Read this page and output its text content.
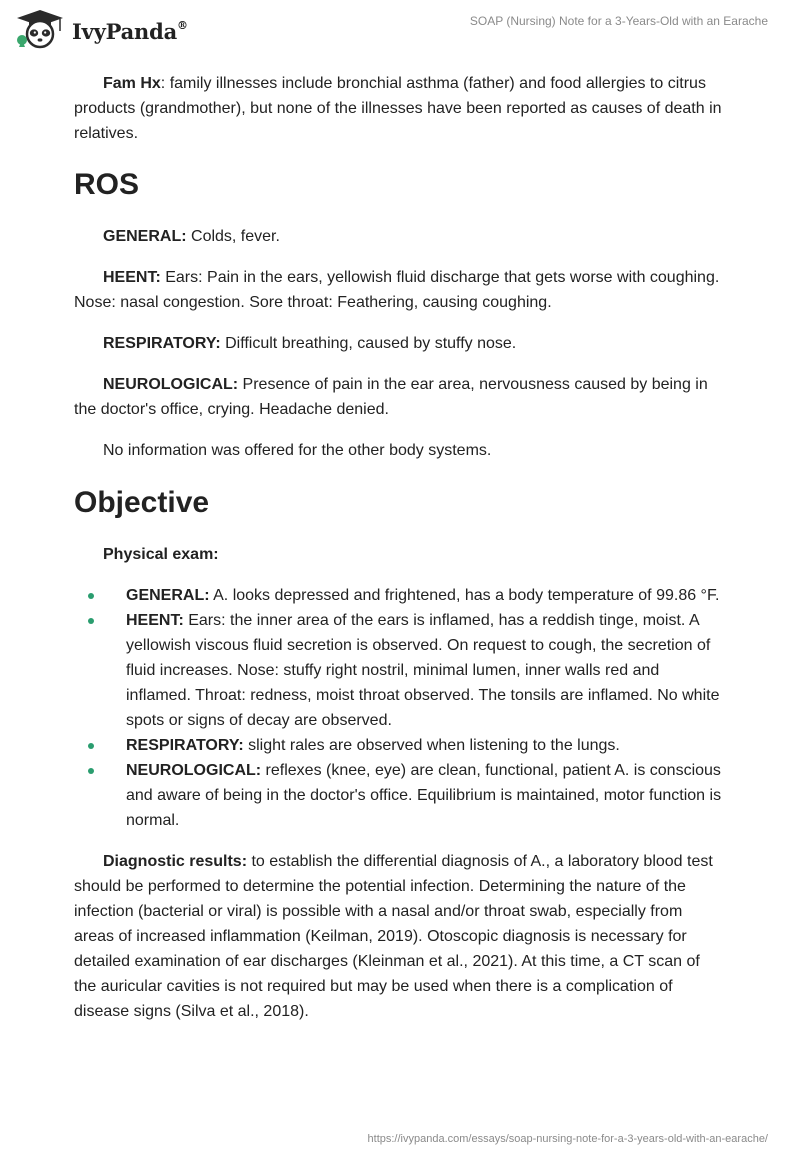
IvyPanda®	SOAP (Nursing) Note for a 3-Years-Old with an Earache

Fam Hx: family illnesses include bronchial asthma (father) and food allergies to citrus products (grandmother), but none of the illnesses have been reported as causes of death in relatives.

ROS

GENERAL: Colds, fever.

HEENT: Ears: Pain in the ears, yellowish fluid discharge that gets worse with coughing. Nose: nasal congestion. Sore throat: Feathering, causing coughing.

RESPIRATORY: Difficult breathing, caused by stuffy nose.

NEUROLOGICAL: Presence of pain in the ear area, nervousness caused by being in the doctor's office, crying. Headache denied.

No information was offered for the other body systems.

Objective

Physical exam:

GENERAL: A. looks depressed and frightened, has a body temperature of 99.86 °F.
HEENT: Ears: the inner area of the ears is inflamed, has a reddish tinge, moist. A yellowish viscous fluid secretion is observed. On request to cough, the secretion of fluid increases. Nose: stuffy right nostril, minimal lumen, inner walls red and inflamed. Throat: redness, moist throat observed. The tonsils are inflamed. No white spots or signs of decay are observed.
RESPIRATORY: slight rales are observed when listening to the lungs.
NEUROLOGICAL: reflexes (knee, eye) are clean, functional, patient A. is conscious and aware of being in the doctor's office. Equilibrium is maintained, motor function is normal.

Diagnostic results: to establish the differential diagnosis of A., a laboratory blood test should be performed to determine the potential infection. Determining the nature of the infection (bacterial or viral) is possible with a nasal and/or throat swab, especially from areas of increased inflammation (Keilman, 2019). Otoscopic diagnosis is necessary for detailed examination of ear discharges (Kleinman et al., 2021). At this time, a CT scan of the auricular cavities is not required but may be used when there is a complication of disease signs (Silva et al., 2018).

https://ivypanda.com/essays/soap-nursing-note-for-a-3-years-old-with-an-earache/
